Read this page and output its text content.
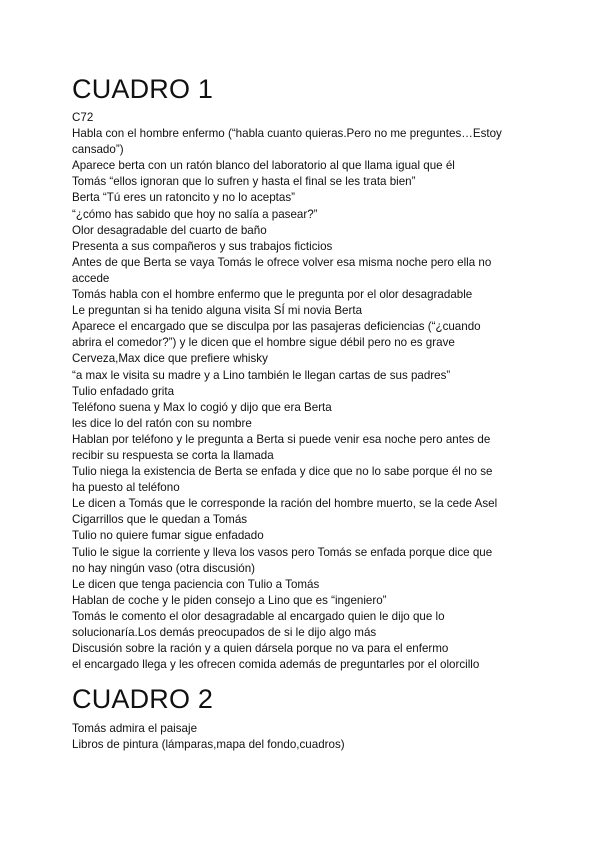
CUADRO 1
C72
Habla con el hombre enfermo (“habla cuanto quieras.Pero no me preguntes…Estoy
cansado”)
Aparece berta con un ratón blanco del laboratorio al que llama igual que él
Tomás “ellos ignoran que lo sufren y hasta el final se les trata bien”
Berta “Tú eres un ratoncito y no lo aceptas”
“¿cómo has sabido que hoy no salía a pasear?”
Olor desagradable del cuarto de baño
Presenta a sus compañeros y sus trabajos ficticios
Antes de que Berta se vaya Tomás le ofrece volver esa misma noche pero ella no
accede
Tomás habla con el hombre enfermo que le pregunta por el olor desagradable
Le preguntan si ha tenido alguna visita SÍ mi novia Berta
Aparece el encargado que se disculpa por las pasajeras deficiencias (“¿cuando
abrira el comedor?”) y le dicen que el hombre sigue débil pero no es grave
Cerveza,Max dice que prefiere whisky
“a max le visita su madre y a Lino también le llegan cartas de sus padres”
Tulio enfadado grita
Teléfono suena y Max lo cogió y dijo que era Berta
les dice lo del ratón con su nombre
Hablan por teléfono y le pregunta a Berta si puede venir esa noche pero antes de
recibir su respuesta se corta la llamada
Tulio niega la existencia de Berta se enfada y dice que no lo sabe porque él no se
ha puesto al teléfono
Le dicen a Tomás que le corresponde la ración del hombre muerto, se la cede Asel
Cigarrillos que le quedan a Tomás
Tulio no quiere fumar sigue enfadado
Tulio le sigue la corriente y lleva los vasos pero Tomás se enfada porque dice que
no hay ningún vaso (otra discusión)
Le dicen que tenga paciencia con Tulio a Tomás
Hablan de coche y le piden consejo a Lino que es “ingeniero”
Tomás le comento el olor desagradable al encargado quien le dijo que lo
solucionaría.Los demás preocupados de si le dijo algo más
Discusión sobre la ración y a quien dársela porque no va para el enfermo
el encargado llega y les ofrecen comida además de preguntarles por el olorcillo
CUADRO 2
Tomás admira el paisaje
Libros de pintura (lámparas,mapa del fondo,cuadros)
